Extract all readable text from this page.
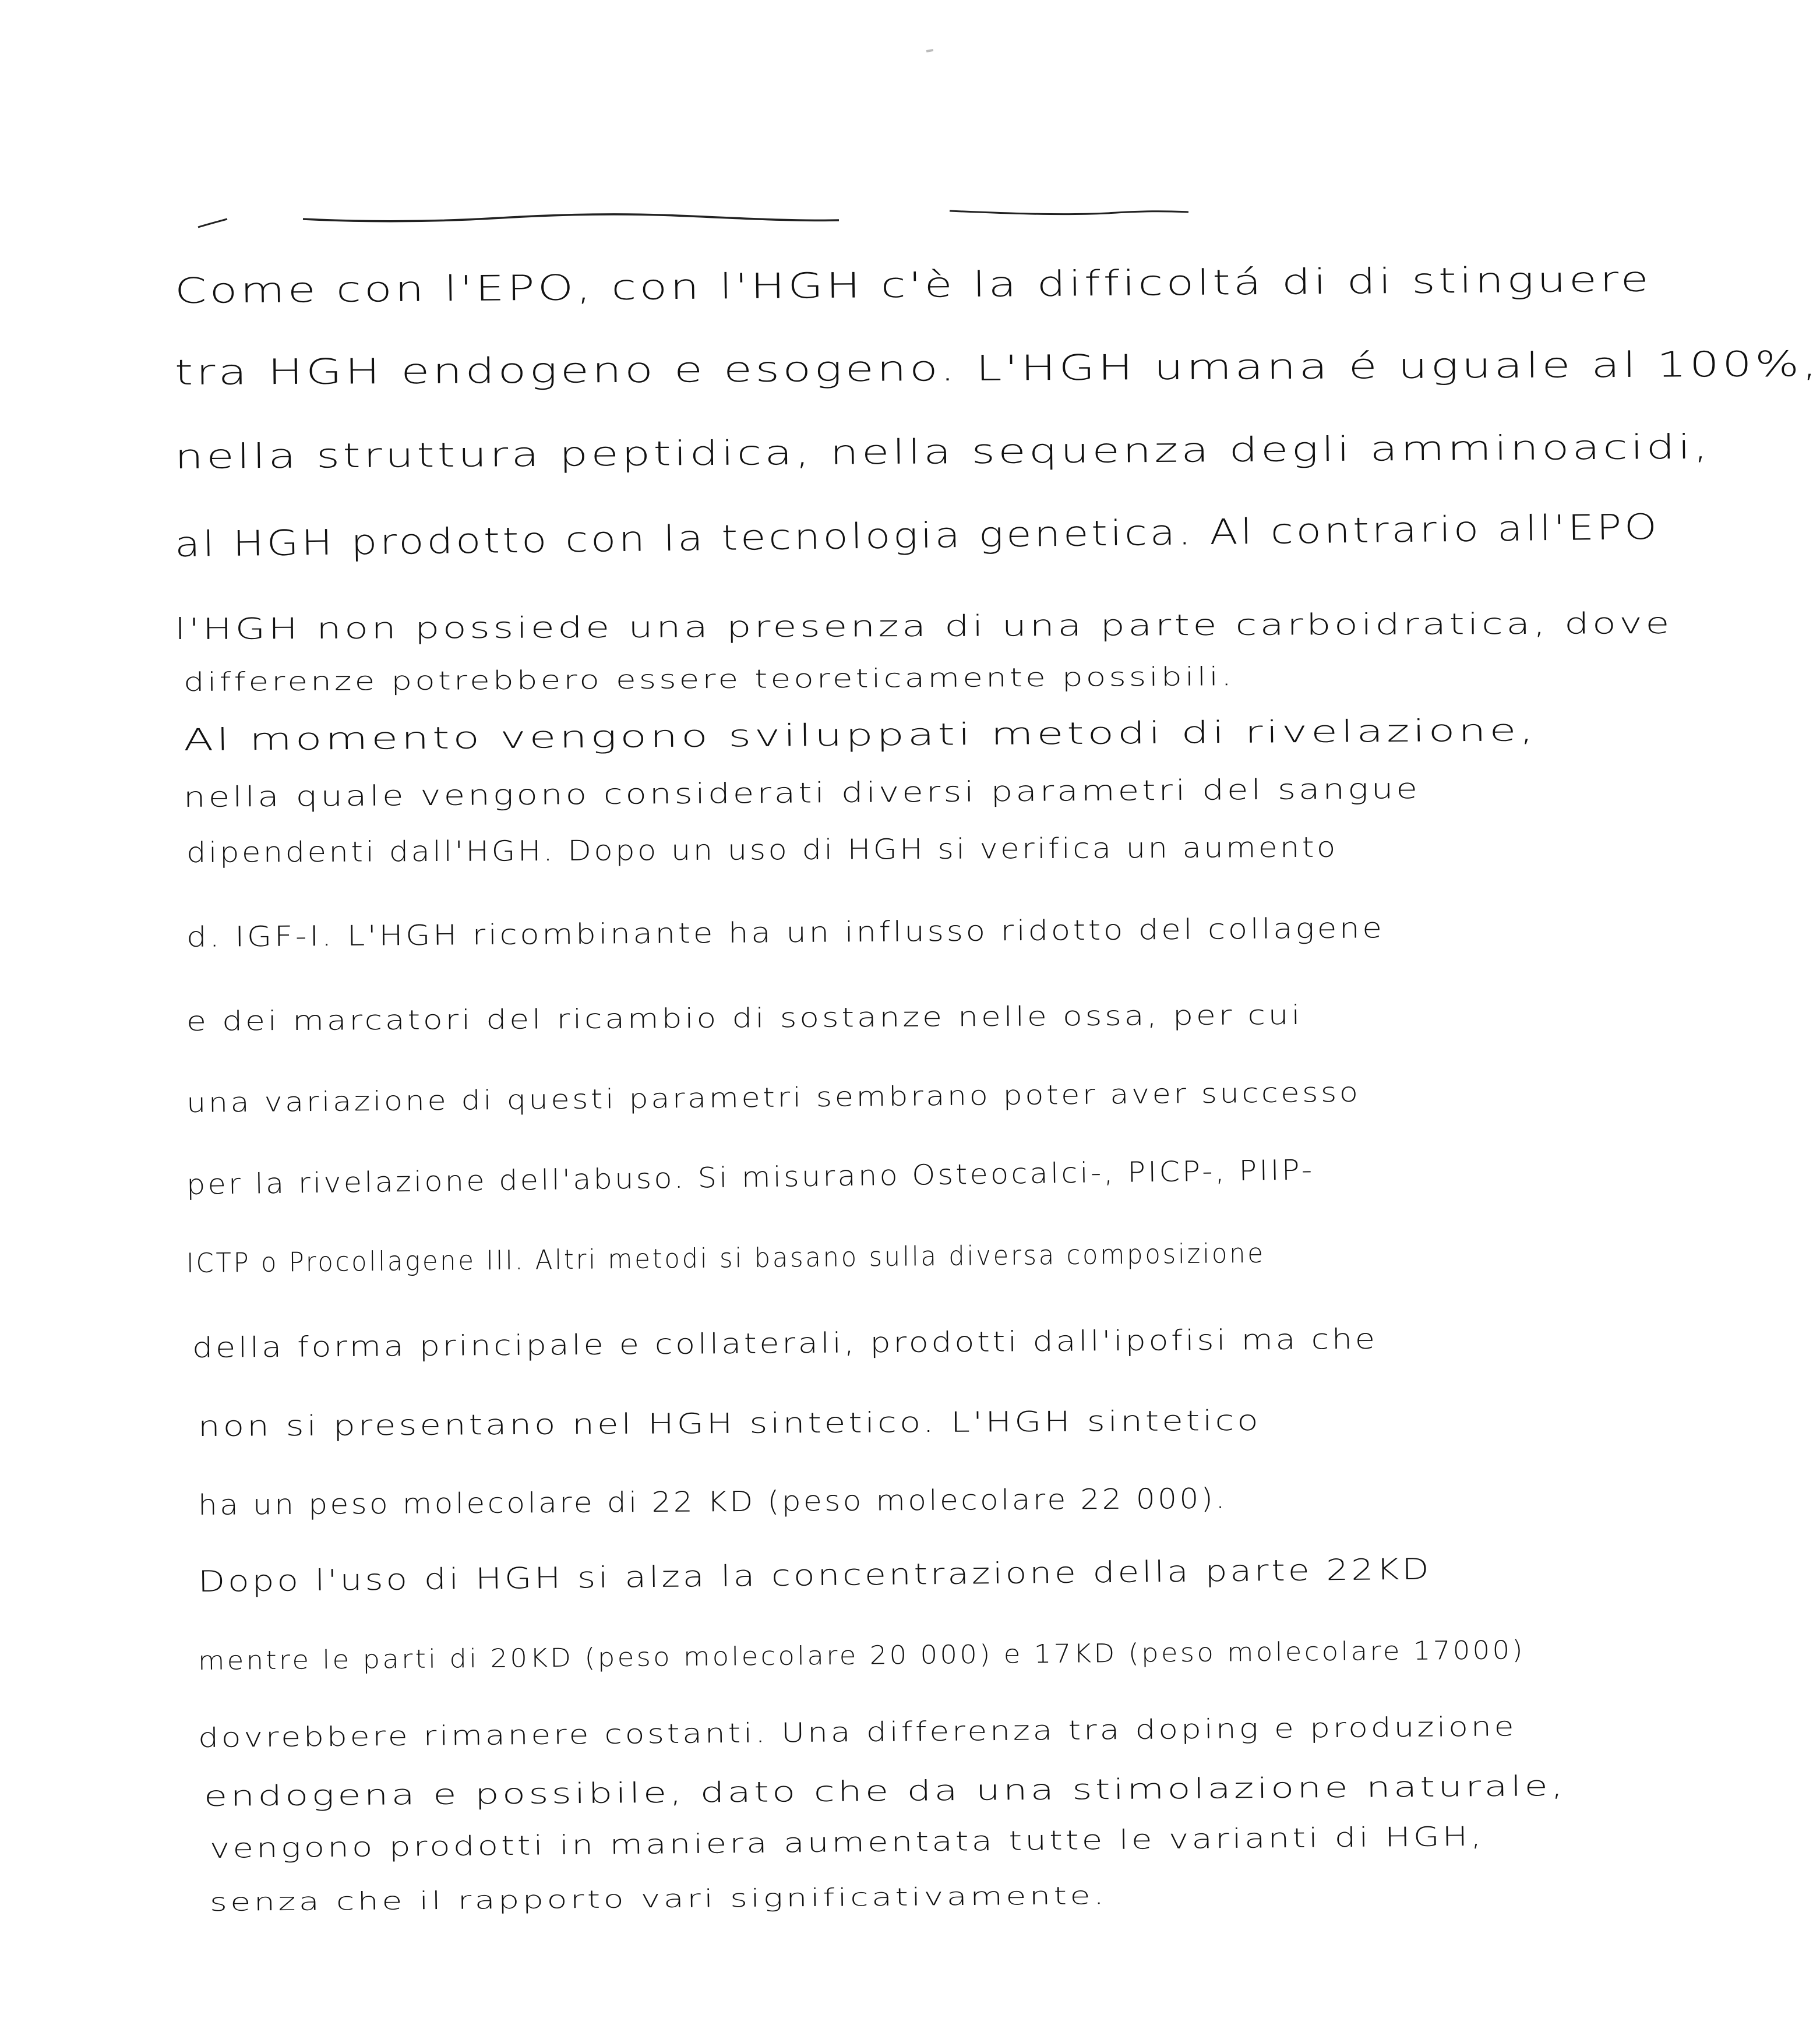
Come con l'EPO, con l'HGH c'è la difficoltá di di stinguere
tra HGH endogeno e esogeno. L'HGH umana é uguale al 100%,
nella struttura peptidica, nella sequenza degli amminoacidi,
al HGH prodotto con la tecnologia genetica. Al contrario all'EPO
l'HGH non possiede una presenza di una parte carboidratica, dove
differenze potrebbero essere teoreticamente possibili.
Al momento vengono sviluppati metodi di rivelazione,
nella quale vengono considerati diversi parametri del sangue
dipendenti dall'HGH. Dopo un uso di HGH si verifica un aumento
d. IGF-I. L'HGH ricombinante ha un influsso ridotto del collagene
e dei marcatori del ricambio di sostanze nelle ossa, per cui
una variazione di questi parametri sembrano poter aver successo
per la rivelazione dell'abuso. Si misurano Osteocalci-, PICP-, PIIP-
ICTP o Procollagene III. Altri metodi si basano sulla diversa composizione
della forma principale e collaterali, prodotti dall'ipofisi ma che
non si presentano nel HGH sintetico. L'HGH sintetico
ha un peso molecolare di 22 KD (peso molecolare 22 000).
Dopo l'uso di HGH si alza la concentrazione della parte 22KD
mentre le parti di 20KD (peso molecolare 20 000) e 17KD (peso molecolare 17000)
dovrebbere rimanere costanti. Una differenza tra doping e produzione
endogena e possibile, dato che da una stimolazione naturale,
vengono prodotti in maniera aumentata tutte le varianti di HGH,
senza che il rapporto vari significativamente.
